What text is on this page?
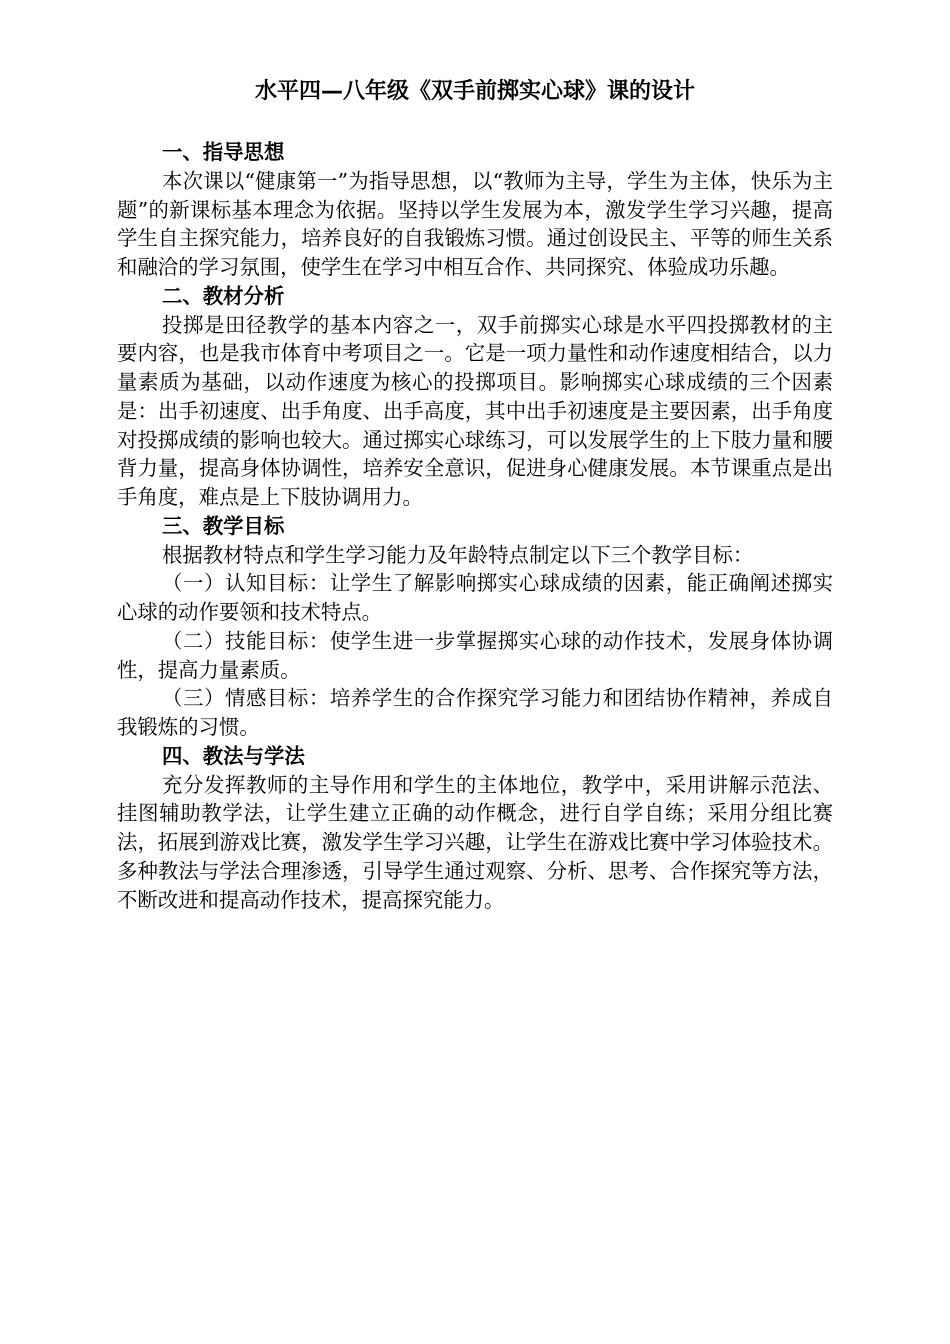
水平四—八年级《双手前掷实心球》课的设计
一、指导思想

本次课以“健康第一”为指导思想，以“教师为主导，学生为主体，快乐为主题”的新课标基本理念为依据。坚持以学生发展为本，激发学生学习兴趣，提高学生自主探究能力，培养良好的自我锻炼习惯。通过创设民主、平等的师生关系和融洽的学习氛围，使学生在学习中相互合作、共同探究、体验成功乐趣。

二、教材分析

投掷是田径教学的基本内容之一，双手前掷实心球是水平四投掷教材的主要内容，也是我市体育中考项目之一。它是一项力量性和动作速度相结合，以力量素质为基础，以动作速度为核心的投掷项目。影响掷实心球成绩的三个因素是：出手初速度、出手角度、出手高度，其中出手初速度是主要因素，出手角度对投掷成绩的影响也较大。通过掷实心球练习，可以发展学生的上下肢力量和腰背力量，提高身体协调性，培养安全意识，促进身心健康发展。本节课重点是出手角度，难点是上下肢协调用力。

三、教学目标

根据教材特点和学生学习能力及年龄特点制定以下三个教学目标：

（一）认知目标：让学生了解影响掷实心球成绩的因素，能正确阐述掷实心球的动作要领和技术特点。

（二）技能目标：使学生进一步掌握掷实心球的动作技术，发展身体协调性，提高力量素质。

（三）情感目标：培养学生的合作探究学习能力和团结协作精神，养成自我锻炼的习惯。

四、教法与学法

充分发挥教师的主导作用和学生的主体地位，教学中，采用讲解示范法、挂图辅助教学法，让学生建立正确的动作概念，进行自学自练；采用分组比赛法，拓展到游戏比赛，激发学生学习兴趣，让学生在游戏比赛中学习体验技术。多种教法与学法合理渗透，引导学生通过观察、分析、思考、合作探究等方法，不断改进和提高动作技术，提高探究能力。
